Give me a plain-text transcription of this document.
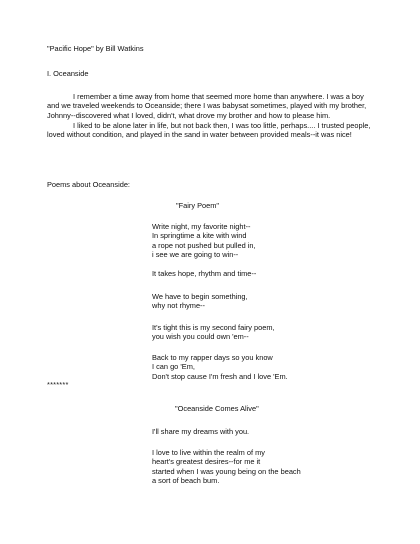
"Pacific Hope" by Bill Watkins
I. Oceanside
I remember a time away from home that seemed more home than anywhere. I was a boy and we traveled weekends to Oceanside; there I was babysat sometimes, played with my brother, Johnny--discovered what I loved, didn't, what drove my brother and how to please him.
I liked to be alone later in life, but not back then, I was too little, perhaps.... I trusted people, loved without condition, and played in the sand in water between provided meals--it was nice!
Poems about Oceanside:
"Fairy Poem"
Write night, my favorite night--
In springtime a kite with wind
a rope not pushed but pulled in,
i see we are going to win--
It takes hope, rhythm and time--
We have to begin something,
why not rhyme--
It's tight this is my second fairy poem,
you wish you could own 'em--
Back to my rapper days so you know
I can go 'Em,
Don't stop cause I'm fresh and I love 'Em.
*******
"Oceanside Comes Alive"
I'll share my dreams with you.
I love to live within the realm of my
heart's greatest desires--for me it
started when I was young being on the beach
a sort of beach bum.
